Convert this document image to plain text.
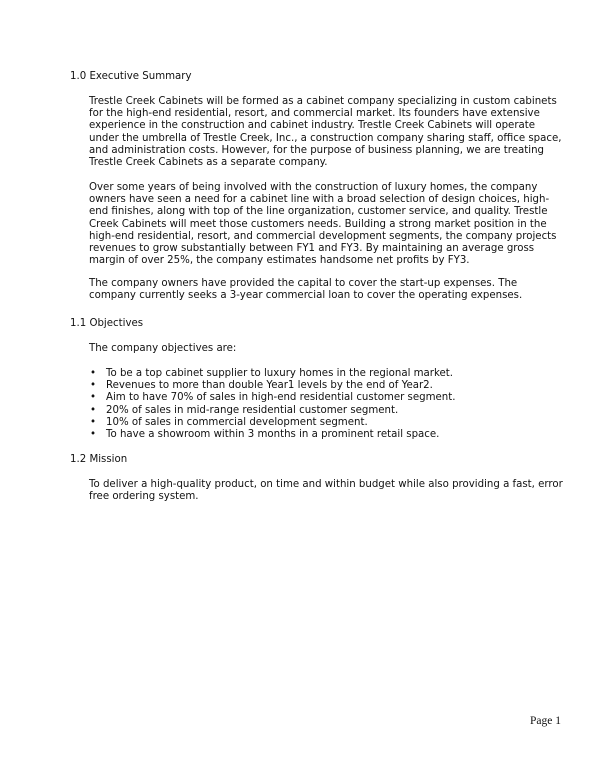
1.0 Executive Summary

Trestle Creek Cabinets will be formed as a cabinet company specializing in custom cabinets for the high-end residential, resort, and commercial market. Its founders have extensive experience in the construction and cabinet industry. Trestle Creek Cabinets will operate under the umbrella of Trestle Creek, Inc., a construction company sharing staff, office space, and administration costs. However, for the purpose of business planning, we are treating Trestle Creek Cabinets as a separate company.

Over some years of being involved with the construction of luxury homes, the company owners have seen a need for a cabinet line with a broad selection of design choices, high-end finishes, along with top of the line organization, customer service, and quality. Trestle Creek Cabinets will meet those customers needs. Building a strong market position in the high-end residential, resort, and commercial development segments, the company projects revenues to grow substantially between FY1 and FY3. By maintaining an average gross margin of over 25%, the company estimates handsome net profits by FY3.

The company owners have provided the capital to cover the start-up expenses. The company currently seeks a 3-year commercial loan to cover the operating expenses.

1.1 Objectives

The company objectives are:

• To be a top cabinet supplier to luxury homes in the regional market.
• Revenues to more than double Year1 levels by the end of Year2.
• Aim to have 70% of sales in high-end residential customer segment.
• 20% of sales in mid-range residential customer segment.
• 10% of sales in commercial development segment.
• To have a showroom within 3 months in a prominent retail space.
1.2 Mission

To deliver a high-quality product, on time and within budget while also providing a fast, error free ordering system.

Page 1
